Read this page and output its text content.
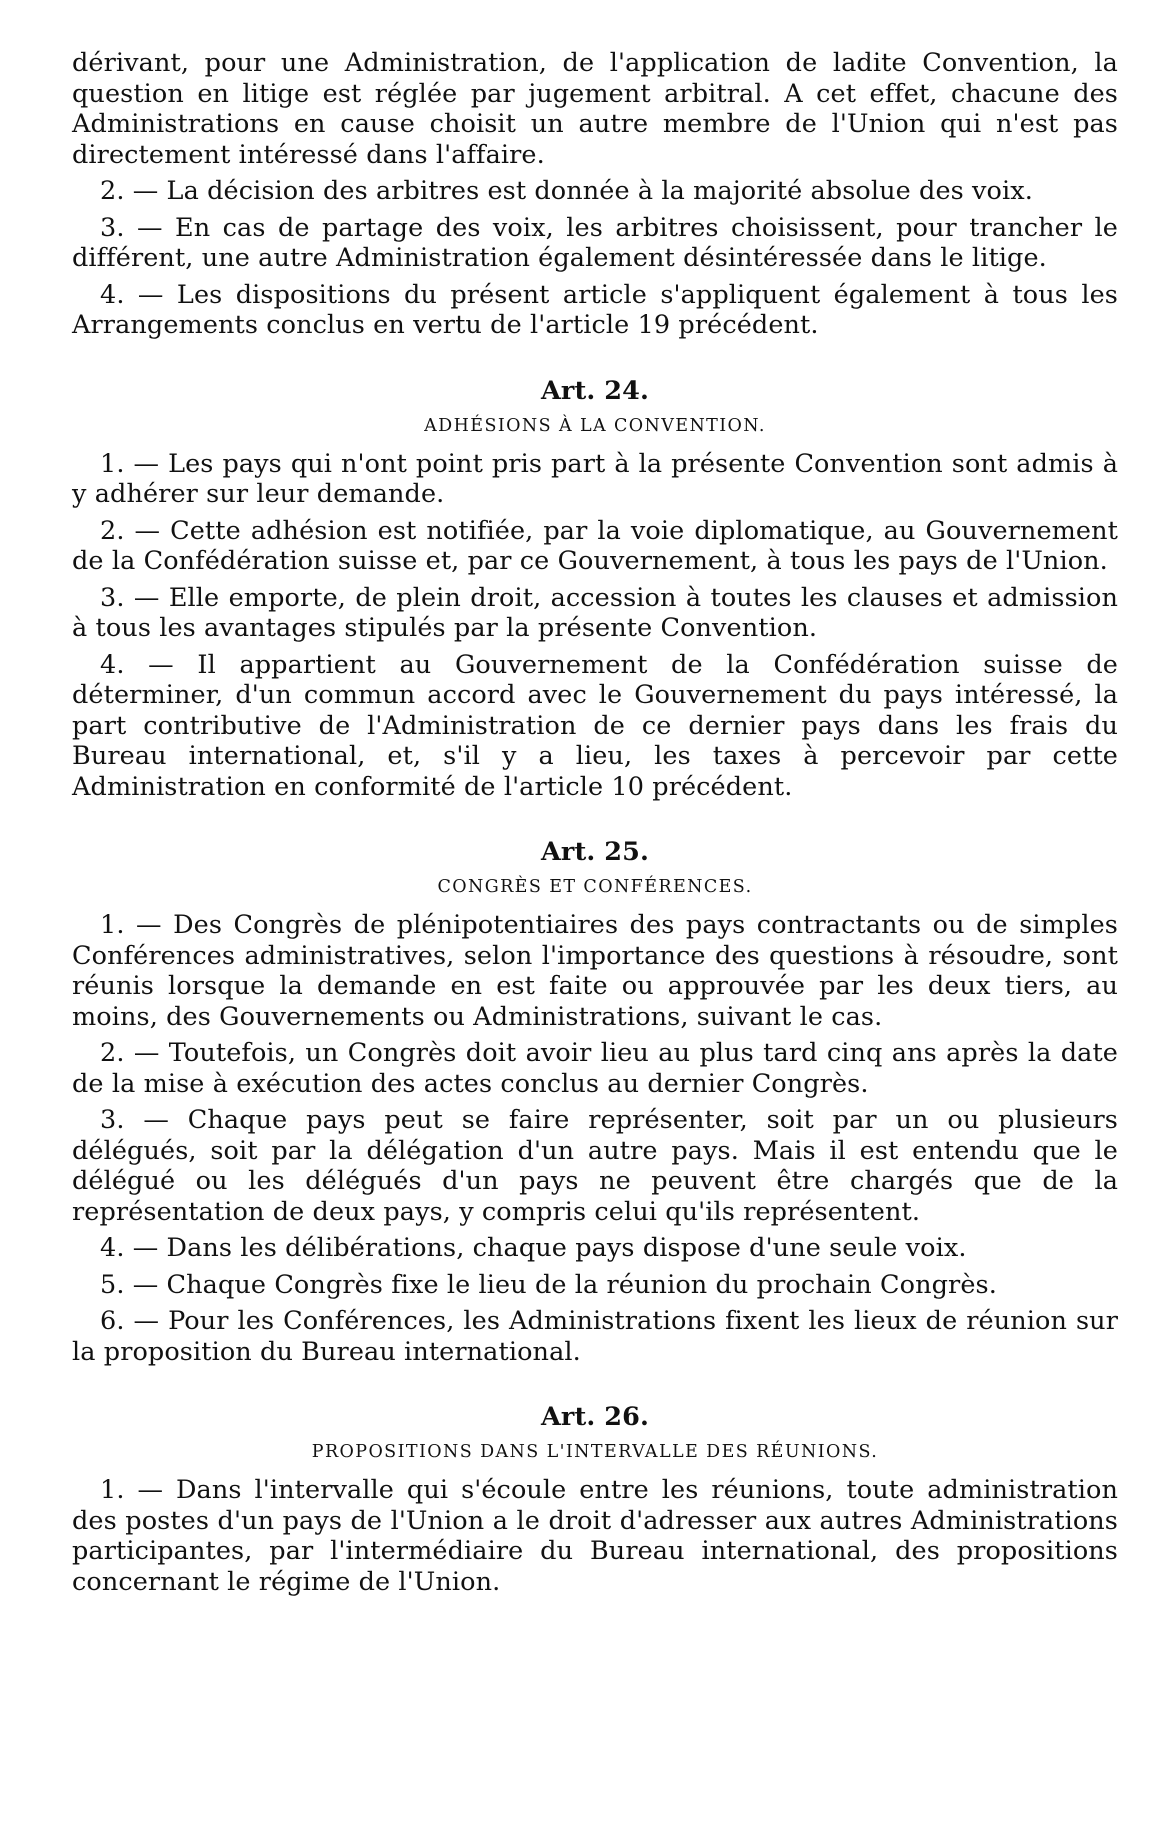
dérivant, pour une Administration, de l'application de ladite Convention, la question en litige est réglée par jugement arbitral. A cet effet, chacune des Administrations en cause choisit un autre membre de l'Union qui n'est pas directement intéressé dans l'affaire.

2. — La décision des arbitres est donnée à la majorité absolue des voix.

3. — En cas de partage des voix, les arbitres choisissent, pour trancher le différent, une autre Administration également désintéressée dans le litige.

4. — Les dispositions du présent article s'appliquent également à tous les Arrangements conclus en vertu de l'article 19 précédent.

Art. 24.
ADHÉSIONS À LA CONVENTION.

1. — Les pays qui n'ont point pris part à la présente Convention sont admis à y adhérer sur leur demande.

2. — Cette adhésion est notifiée, par la voie diplomatique, au Gouvernement de la Confédération suisse et, par ce Gouvernement, à tous les pays de l'Union.

3. — Elle emporte, de plein droit, accession à toutes les clauses et admission à tous les avantages stipulés par la présente Convention.

4. — Il appartient au Gouvernement de la Confédération suisse de déterminer, d'un commun accord avec le Gouvernement du pays intéressé, la part contributive de l'Administration de ce dernier pays dans les frais du Bureau international, et, s'il y a lieu, les taxes à percevoir par cette Administration en conformité de l'article 10 précédent.

Art. 25.
CONGRÈS ET CONFÉRENCES.

1. — Des Congrès de plénipotentiaires des pays contractants ou de simples Conférences administratives, selon l'importance des questions à résoudre, sont réunis lorsque la demande en est faite ou approuvée par les deux tiers, au moins, des Gouvernements ou Administrations, suivant le cas.

2. — Toutefois, un Congrès doit avoir lieu au plus tard cinq ans après la date de la mise à exécution des actes conclus au dernier Congrès.

3. — Chaque pays peut se faire représenter, soit par un ou plusieurs délégués, soit par la délégation d'un autre pays. Mais il est entendu que le délégué ou les délégués d'un pays ne peuvent être chargés que de la représentation de deux pays, y compris celui qu'ils représentent.

4. — Dans les délibérations, chaque pays dispose d'une seule voix.

5. — Chaque Congrès fixe le lieu de la réunion du prochain Congrès.

6. — Pour les Conférences, les Administrations fixent les lieux de réunion sur la proposition du Bureau international.

Art. 26.
PROPOSITIONS DANS L'INTERVALLE DES RÉUNIONS.

1. — Dans l'intervalle qui s'écoule entre les réunions, toute administration des postes d'un pays de l'Union a le droit d'adresser aux autres Administrations participantes, par l'intermédiaire du Bureau international, des propositions concernant le régime de l'Union.
